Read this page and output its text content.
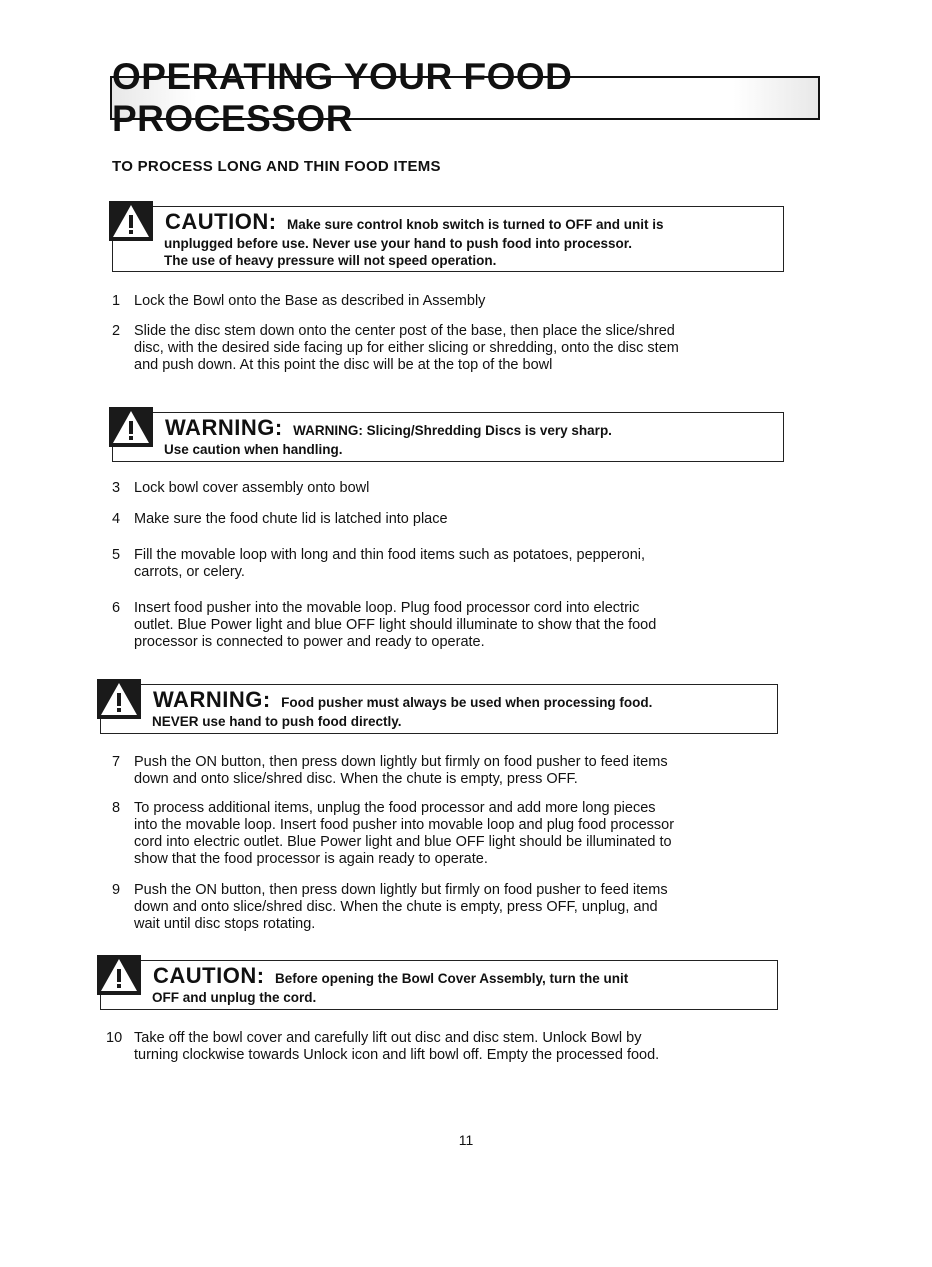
OPERATING YOUR FOOD PROCESSOR
TO PROCESS LONG AND THIN FOOD ITEMS
CAUTION: Make sure control knob switch is turned to OFF and unit is
unplugged before use. Never use your hand to push food into processor.
The use of heavy pressure will not speed operation.
1 Lock the Bowl onto the Base as described in Assembly
2 Slide the disc stem down onto the center post of the base, then place the slice/shred
disc, with the desired side facing up for either slicing or shredding, onto the disc stem
and push down. At this point the disc will be at the top of the bowl
WARNING: WARNING: Slicing/Shredding Discs is very sharp.
Use caution when handling.
3 Lock bowl cover assembly onto bowl
4 Make sure the food chute lid is latched into place
5 Fill the movable loop with long and thin food items such as potatoes, pepperoni,
carrots, or celery.
6 Insert food pusher into the movable loop. Plug food processor cord into electric
outlet. Blue Power light and blue OFF light should illuminate to show that the food
processor is connected to power and ready to operate.
WARNING: Food pusher must always be used when processing food.
NEVER use hand to push food directly.
7 Push the ON button, then press down lightly but firmly on food pusher to feed items
down and onto slice/shred disc. When the chute is empty, press OFF.
8 To process additional items, unplug the food processor and add more long pieces
into the movable loop. Insert food pusher into movable loop and plug food processor
cord into electric outlet. Blue Power light and blue OFF light should be illuminated to
show that the food processor is again ready to operate.
9 Push the ON button, then press down lightly but firmly on food pusher to feed items
down and onto slice/shred disc. When the chute is empty, press OFF, unplug, and
wait until disc stops rotating.
CAUTION: Before opening the Bowl Cover Assembly, turn the unit
OFF and unplug the cord.
10 Take off the bowl cover and carefully lift out disc and disc stem. Unlock Bowl by
turning clockwise towards Unlock icon and lift bowl off. Empty the processed food.
11
